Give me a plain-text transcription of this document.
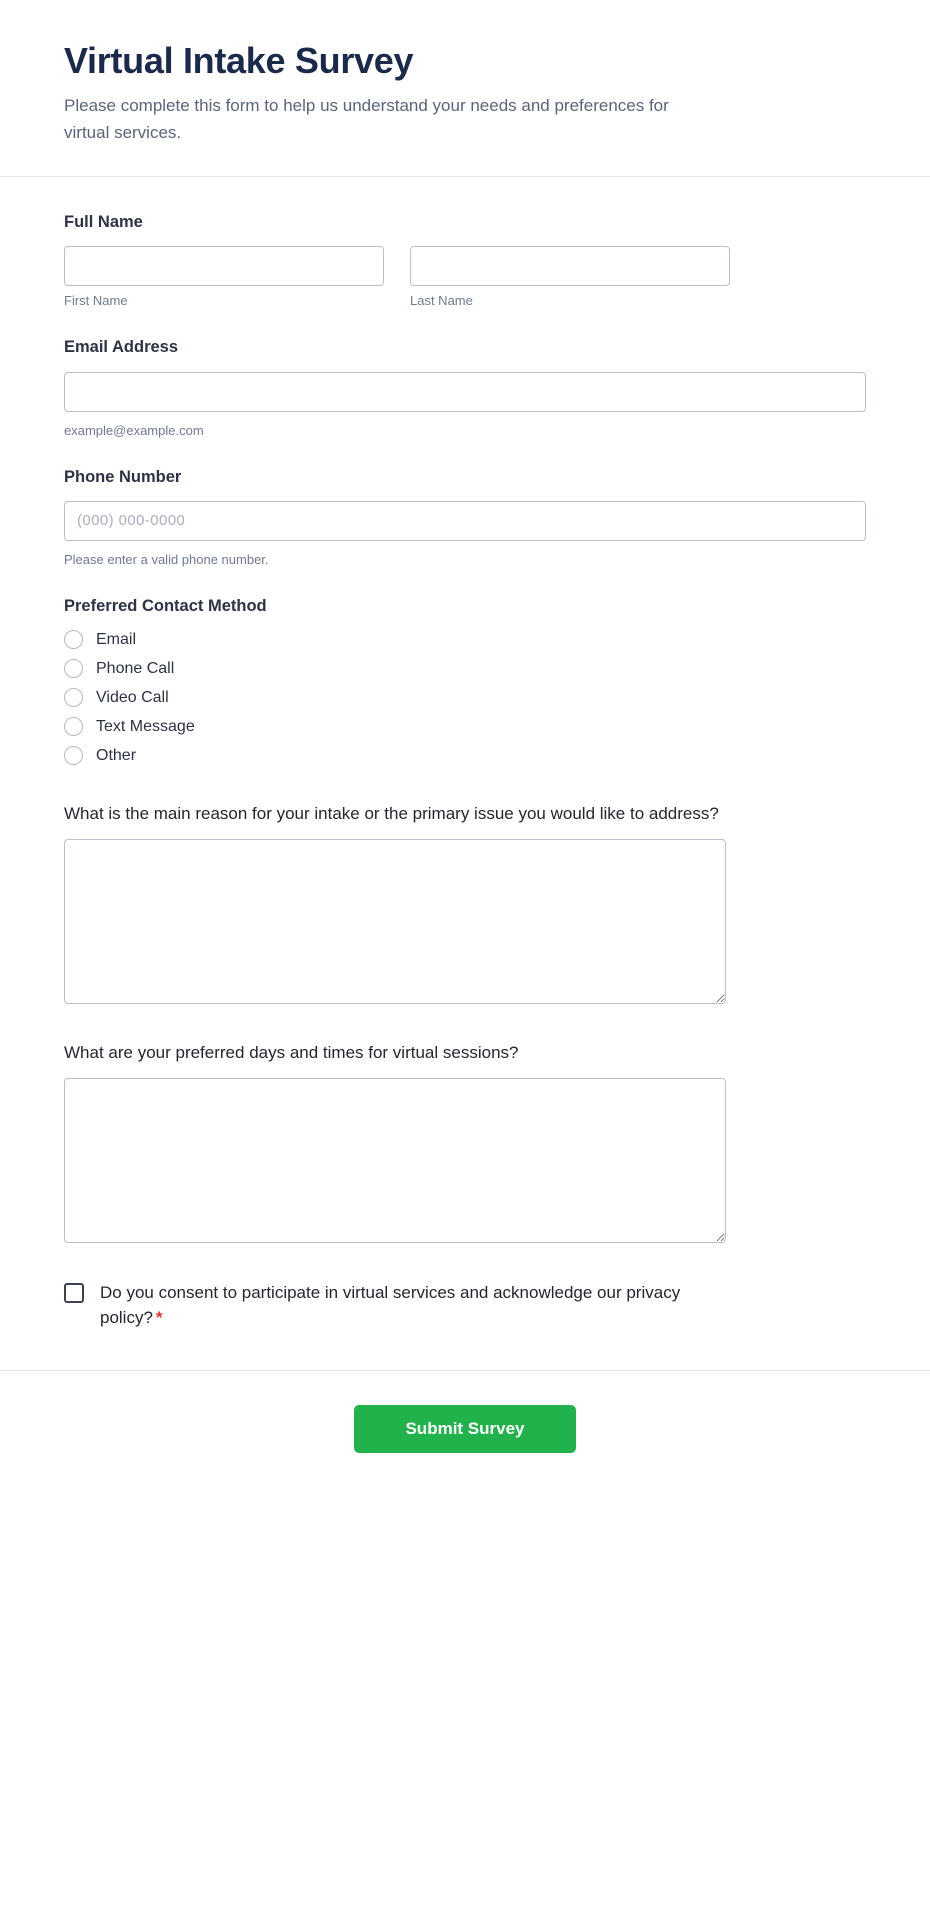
Virtual Intake Survey

Please complete this form to help us understand your needs and preferences for virtual services.

Full Name
First Name	Last Name
Email Address
example@example.com
Phone Number
(000) 000-0000
Please enter a valid phone number.
Preferred Contact Method
Email
Phone Call
Video Call
Text Message
Other
What is the main reason for your intake or the primary issue you would like to address?
What are your preferred days and times for virtual sessions?
Do you consent to participate in virtual services and acknowledge our privacy policy? *
Submit Survey
